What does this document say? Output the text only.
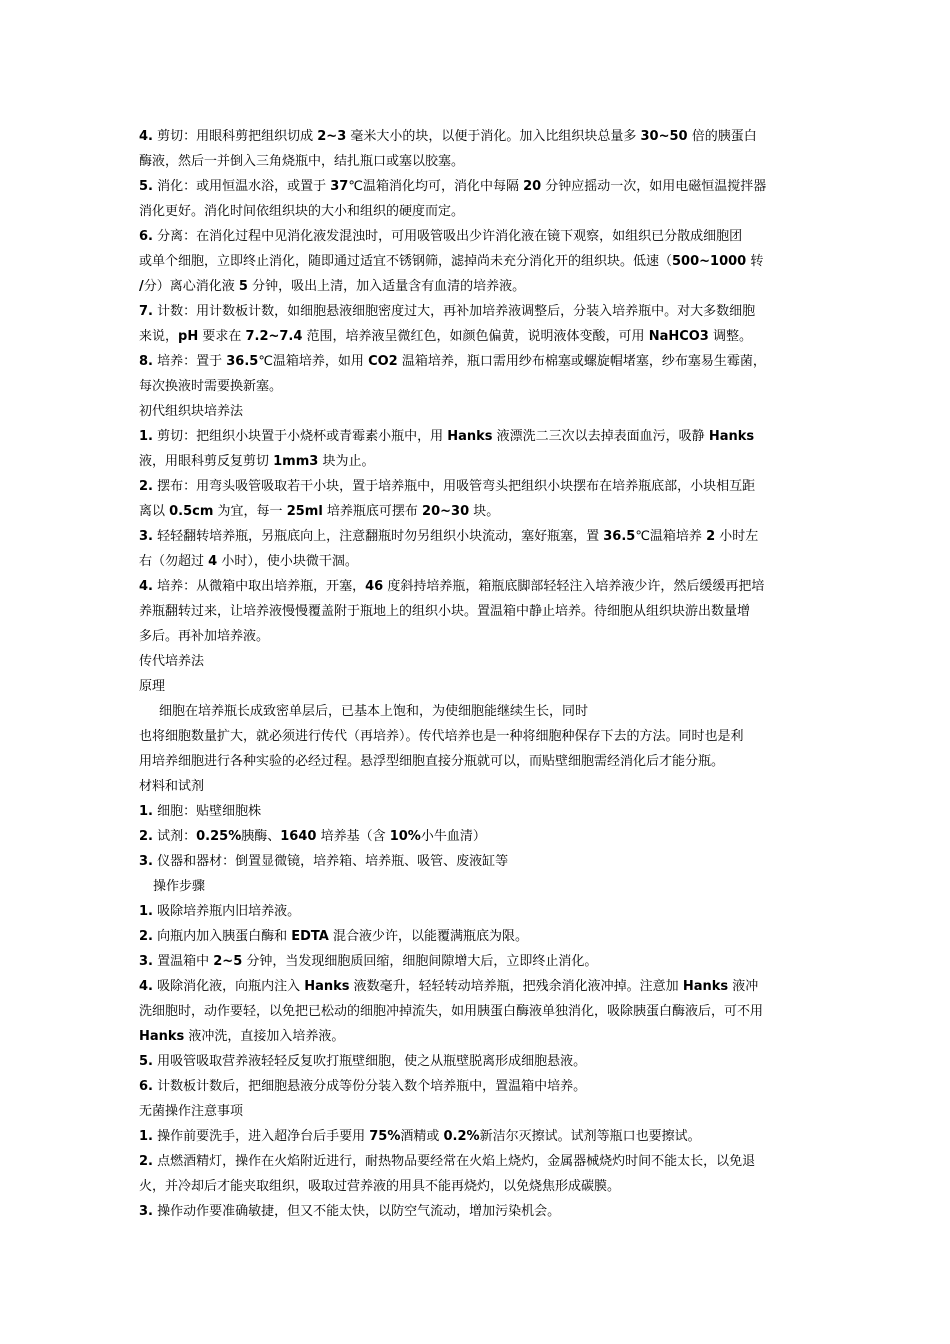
4. 剪切：用眼科剪把组织切成 2~3 毫米大小的块，以便于消化。加入比组织块总量多 30~50 倍的胰蛋白
酶液，然后一并倒入三角烧瓶中，结扎瓶口或塞以胶塞。
5. 消化：或用恒温水浴，或置于 37℃温箱消化均可，消化中每隔 20 分钟应摇动一次，如用电磁恒温搅拌器
消化更好。消化时间依组织块的大小和组织的硬度而定。
6. 分离：在消化过程中见消化液发混浊时，可用吸管吸出少许消化液在镜下观察，如组织已分散成细胞团
或单个细胞，立即终止消化，随即通过适宜不锈钢筛，滤掉尚未充分消化开的组织块。低速（500~1000 转
/分）离心消化液 5 分钟，吸出上清，加入适量含有血清的培养液。
7. 计数：用计数板计数，如细胞悬液细胞密度过大，再补加培养液调整后，分装入培养瓶中。对大多数细胞
来说，pH 要求在 7.2~7.4 范围，培养液呈微红色，如颜色偏黄，说明液体变酸，可用 NaHCO3 调整。
8. 培养：置于 36.5℃温箱培养，如用 CO2 温箱培养，瓶口需用纱布棉塞或螺旋帽堵塞，纱布塞易生霉菌，
每次换液时需要换新塞。
初代组织块培养法
1. 剪切：把组织小块置于小烧杯或青霉素小瓶中，用 Hanks 液漂洗二三次以去掉表面血污，吸静 Hanks
液，用眼科剪反复剪切 1mm3 块为止。
2. 摆布：用弯头吸管吸取若干小块，置于培养瓶中，用吸管弯头把组织小块摆布在培养瓶底部，小块相互距
离以 0.5cm 为宜，每一 25ml 培养瓶底可摆布 20~30 块。
3. 轻轻翻转培养瓶，另瓶底向上，注意翻瓶时勿另组织小块流动，塞好瓶塞，置 36.5℃温箱培养 2 小时左
右（勿超过 4 小时），使小块微干涸。
4. 培养：从微箱中取出培养瓶，开塞，46 度斜持培养瓶，箱瓶底脚部轻轻注入培养液少许，然后缓缓再把培
养瓶翻转过来，让培养液慢慢覆盖附于瓶地上的组织小块。置温箱中静止培养。待细胞从组织块游出数量增
多后。再补加培养液。
传代培养法
原理
细胞在培养瓶长成致密单层后，已基本上饱和，为使细胞能继续生长，同时
也将细胞数量扩大，就必须进行传代（再培养）。传代培养也是一种将细胞种保存下去的方法。同时也是利
用培养细胞进行各种实验的必经过程。悬浮型细胞直接分瓶就可以，而贴壁细胞需经消化后才能分瓶。
材料和试剂
1. 细胞：贴壁细胞株
2. 试剂：0.25%胰酶、1640 培养基（含 10%小牛血清）
3. 仪器和器材：倒置显微镜，培养箱、培养瓶、吸管、废液缸等
操作步骤
1. 吸除培养瓶内旧培养液。
2. 向瓶内加入胰蛋白酶和 EDTA 混合液少许，以能覆满瓶底为限。
3. 置温箱中 2~5 分钟，当发现细胞质回缩，细胞间隙增大后，立即终止消化。
4. 吸除消化液，向瓶内注入 Hanks 液数毫升，轻轻转动培养瓶，把残余消化液冲掉。注意加 Hanks 液冲
洗细胞时，动作要轻，以免把已松动的细胞冲掉流失，如用胰蛋白酶液单独消化，吸除胰蛋白酶液后，可不用
Hanks 液冲洗，直接加入培养液。
5. 用吸管吸取营养液轻轻反复吹打瓶壁细胞，使之从瓶壁脱离形成细胞悬液。
6. 计数板计数后，把细胞悬液分成等份分装入数个培养瓶中，置温箱中培养。
无菌操作注意事项
1. 操作前要洗手，进入超净台后手要用 75%酒精或 0.2%新洁尔灭擦试。试剂等瓶口也要擦试。
2. 点燃酒精灯，操作在火焰附近进行，耐热物品要经常在火焰上烧灼，金属器械烧灼时间不能太长，以免退
火，并冷却后才能夹取组织，吸取过营养液的用具不能再烧灼，以免烧焦形成碳膜。
3. 操作动作要准确敏捷，但又不能太快，以防空气流动，增加污染机会。
